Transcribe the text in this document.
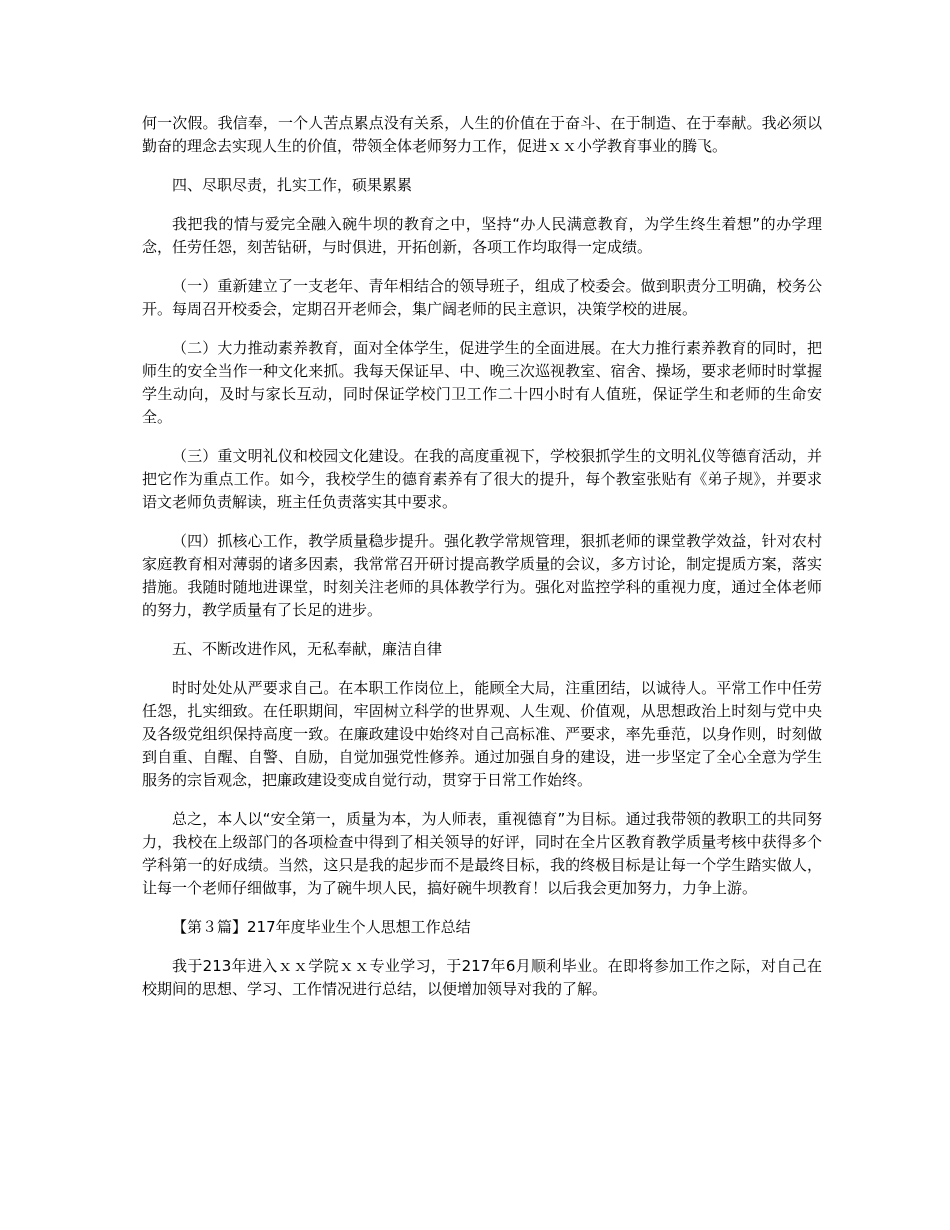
何一次假。我信奉，一个人苦点累点没有关系，人生的价值在于奋斗、在于制造、在于奉献。我必须以勤奋的理念去实现人生的价值，带领全体老师努力工作，促进ｘｘ小学教育事业的腾飞。

四、尽职尽责，扎实工作，硕果累累

我把我的情与爱完全融入碗牛坝的教育之中，坚持“办人民满意教育，为学生终生着想”的办学理念，任劳任怨，刻苦钻研，与时俱进，开拓创新，各项工作均取得一定成绩。

（一）重新建立了一支老年、青年相结合的领导班子，组成了校委会。做到职责分工明确，校务公开。每周召开校委会，定期召开老师会，集广阔老师的民主意识，决策学校的进展。

（二）大力推动素养教育，面对全体学生，促进学生的全面进展。在大力推行素养教育的同时，把师生的安全当作一种文化来抓。我每天保证早、中、晚三次巡视教室、宿舍、操场，要求老师时时掌握学生动向，及时与家长互动，同时保证学校门卫工作二十四小时有人值班，保证学生和老师的生命安全。

（三）重文明礼仪和校园文化建设。在我的高度重视下，学校狠抓学生的文明礼仪等德育活动，并把它作为重点工作。如今，我校学生的德育素养有了很大的提升，每个教室张贴有《弟子规》，并要求语文老师负责解读，班主任负责落实其中要求。

（四）抓核心工作，教学质量稳步提升。强化教学常规管理，狠抓老师的课堂教学效益，针对农村家庭教育相对薄弱的诸多因素，我常常召开研讨提高教学质量的会议，多方讨论，制定提质方案，落实措施。我随时随地进课堂，时刻关注老师的具体教学行为。强化对监控学科的重视力度，通过全体老师的努力，教学质量有了长足的进步。

五、不断改进作风，无私奉献，廉洁自律

时时处处从严要求自己。在本职工作岗位上，能顾全大局，注重团结，以诚待人。平常工作中任劳任怨，扎实细致。在任职期间，牢固树立科学的世界观、人生观、价值观，从思想政治上时刻与党中央及各级党组织保持高度一致。在廉政建设中始终对自己高标准、严要求，率先垂范，以身作则，时刻做到自重、自醒、自警、自励，自觉加强党性修养。通过加强自身的建设，进一步坚定了全心全意为学生服务的宗旨观念，把廉政建设变成自觉行动，贯穿于日常工作始终。

总之，本人以“安全第一，质量为本，为人师表，重视德育”为目标。通过我带领的教职工的共同努力，我校在上级部门的各项检查中得到了相关领导的好评，同时在全片区教育教学质量考核中获得多个学科第一的好成绩。当然，这只是我的起步而不是最终目标，我的终极目标是让每一个学生踏实做人，让每一个老师仔细做事，为了碗牛坝人民，搞好碗牛坝教育！以后我会更加努力，力争上游。

【第３篇】217年度毕业生个人思想工作总结

我于213年进入ｘｘ学院ｘｘ专业学习，于217年6月顺利毕业。在即将参加工作之际，对自己在校期间的思想、学习、工作情况进行总结，以便增加领导对我的了解。
